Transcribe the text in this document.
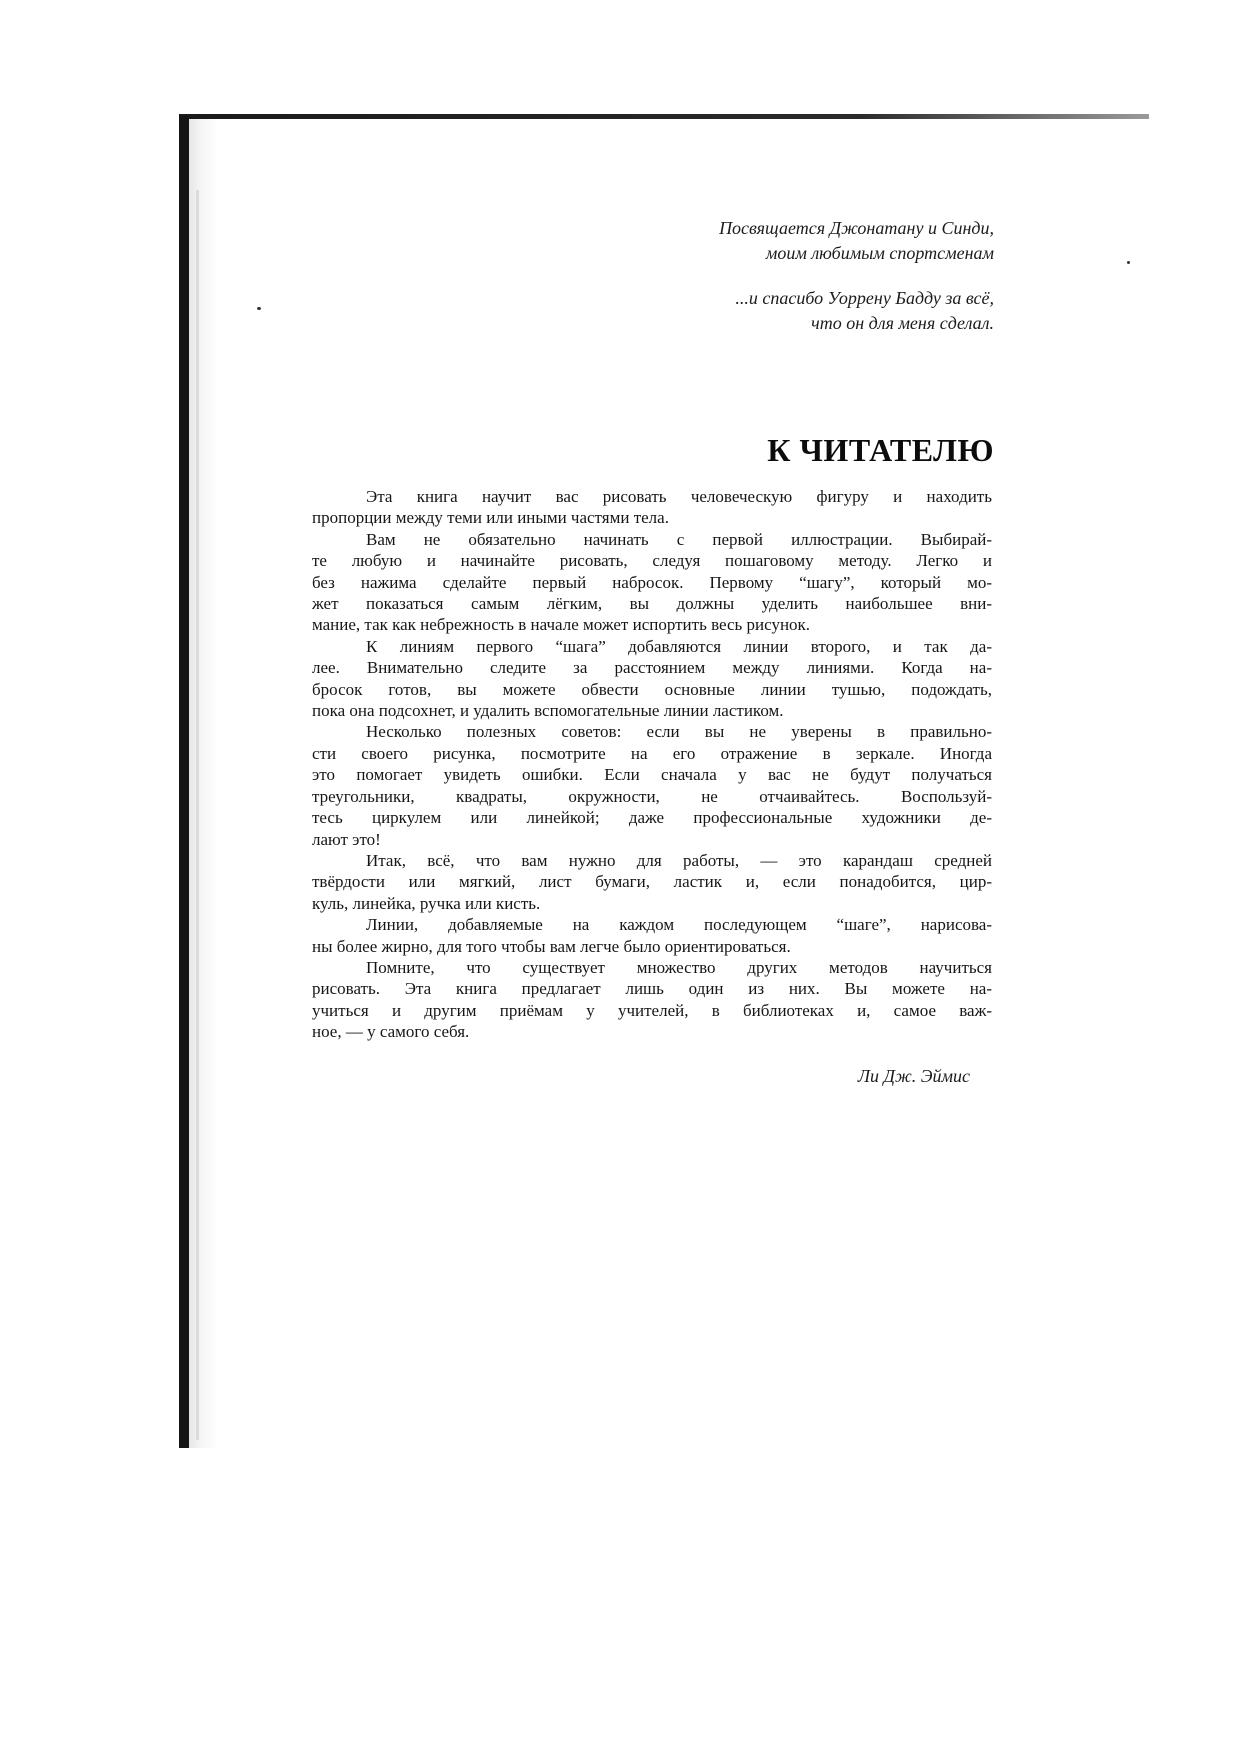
Посвящается Джонатану и Синди,
моим любимым спортсменам
...и спасибо Уоррену Бадду за всё,
что он для меня сделал.
К ЧИТАТЕЛЮ
Эта книга научит вас рисовать человеческую фигуру и находить
пропорции между теми или иными частями тела.
Вам не обязательно начинать с первой иллюстрации. Выбирай-
те любую и начинайте рисовать, следуя пошаговому методу. Легко и
без нажима сделайте первый набросок. Первому “шагу”, который мо-
жет показаться самым лёгким, вы должны уделить наибольшее вни-
мание, так как небрежность в начале может испортить весь рисунок.
К линиям первого “шага” добавляются линии второго, и так да-
лее. Внимательно следите за расстоянием между линиями. Когда на-
бросок готов, вы можете обвести основные линии тушью, подождать,
пока она подсохнет, и удалить вспомогательные линии ластиком.
Несколько полезных советов: если вы не уверены в правильно-
сти своего рисунка, посмотрите на его отражение в зеркале. Иногда
это помогает увидеть ошибки. Если сначала у вас не будут получаться
треугольники, квадраты, окружности, не отчаивайтесь. Воспользуй-
тесь циркулем или линейкой; даже профессиональные художники де-
лают это!
Итак, всё, что вам нужно для работы, — это карандаш средней
твёрдости или мягкий, лист бумаги, ластик и, если понадобится, цир-
куль, линейка, ручка или кисть.
Линии, добавляемые на каждом последующем “шаге”, нарисова-
ны более жирно, для того чтобы вам легче было ориентироваться.
Помните, что существует множество других методов научиться
рисовать. Эта книга предлагает лишь один из них. Вы можете на-
учиться и другим приёмам у учителей, в библиотеках и, самое важ-
ное, — у самого себя.
Ли Дж. Эймис
